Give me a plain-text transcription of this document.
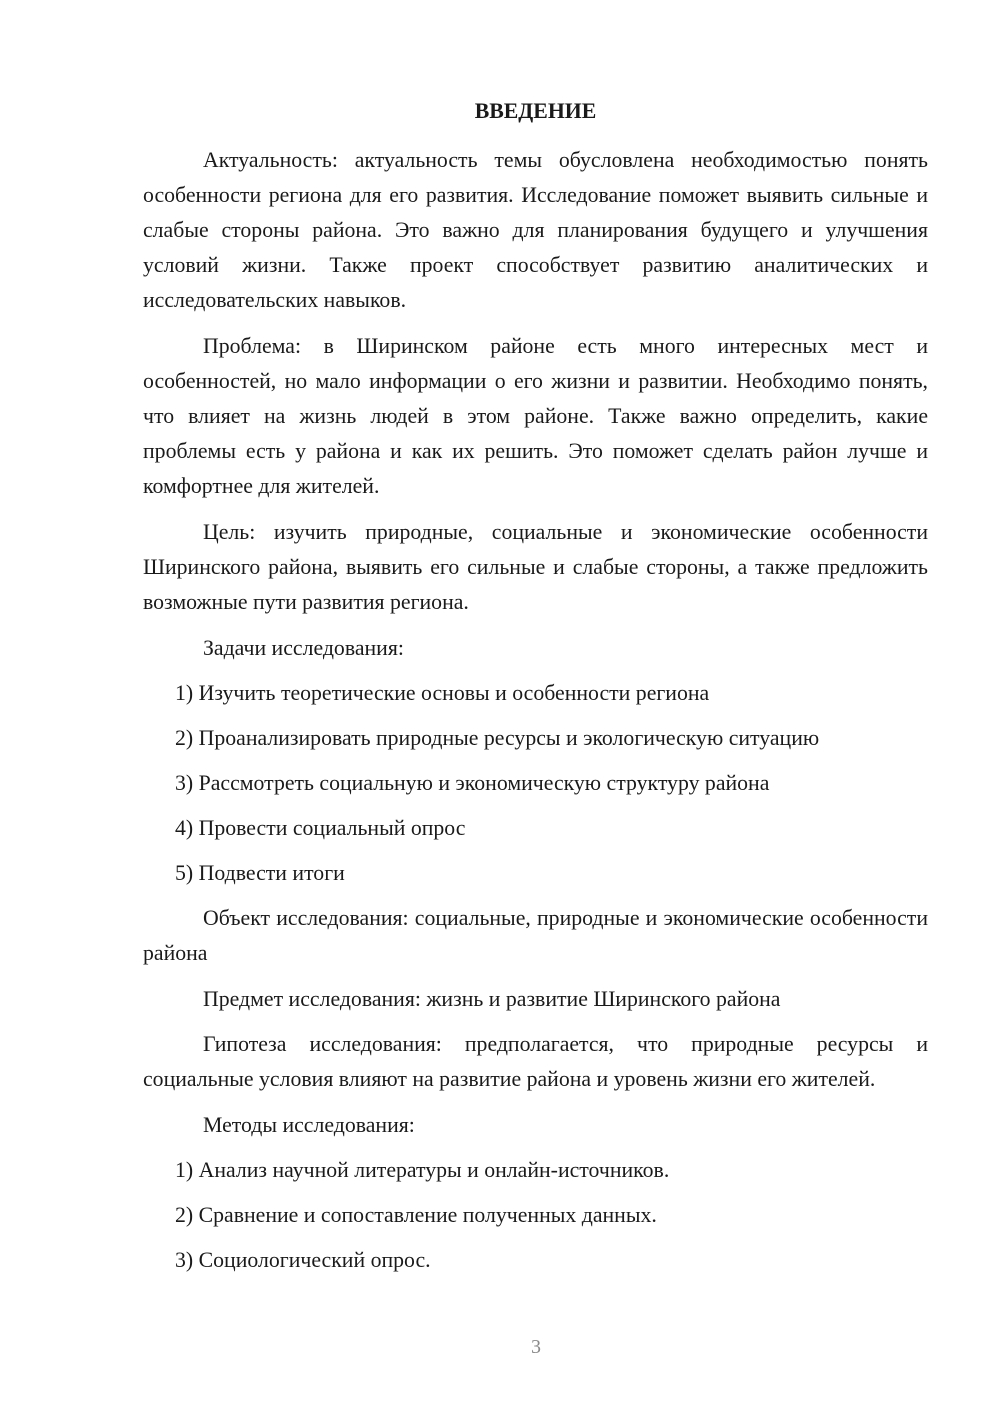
ВВЕДЕНИЕ

Актуальность: актуальность темы обусловлена необходимостью понять особенности региона для его развития. Исследование поможет выявить сильные и слабые стороны района. Это важно для планирования будущего и улучшения условий жизни. Также проект способствует развитию аналитических и исследовательских навыков.

Проблема: в Ширинском районе есть много интересных мест и особенностей, но мало информации о его жизни и развитии. Необходимо понять, что влияет на жизнь людей в этом районе. Также важно определить, какие проблемы есть у района и как их решить. Это поможет сделать район лучше и комфортнее для жителей.

Цель: изучить природные, социальные и экономические особенности Ширинского района, выявить его сильные и слабые стороны, а также предложить возможные пути развития региона.

Задачи исследования:

1) Изучить теоретические основы и особенности региона

2) Проанализировать природные ресурсы и экологическую ситуацию

3) Рассмотреть социальную и экономическую структуру района

4) Провести социальный опрос

5) Подвести итоги

Объект исследования: социальные, природные и экономические особенности района

Предмет исследования: жизнь и развитие Ширинского района

Гипотеза исследования: предполагается, что природные ресурсы и социальные условия влияют на развитие района и уровень жизни его жителей.

Методы исследования:

1) Анализ научной литературы и онлайн-источников.

2) Сравнение и сопоставление полученных данных.

3) Социологический опрос.

3
